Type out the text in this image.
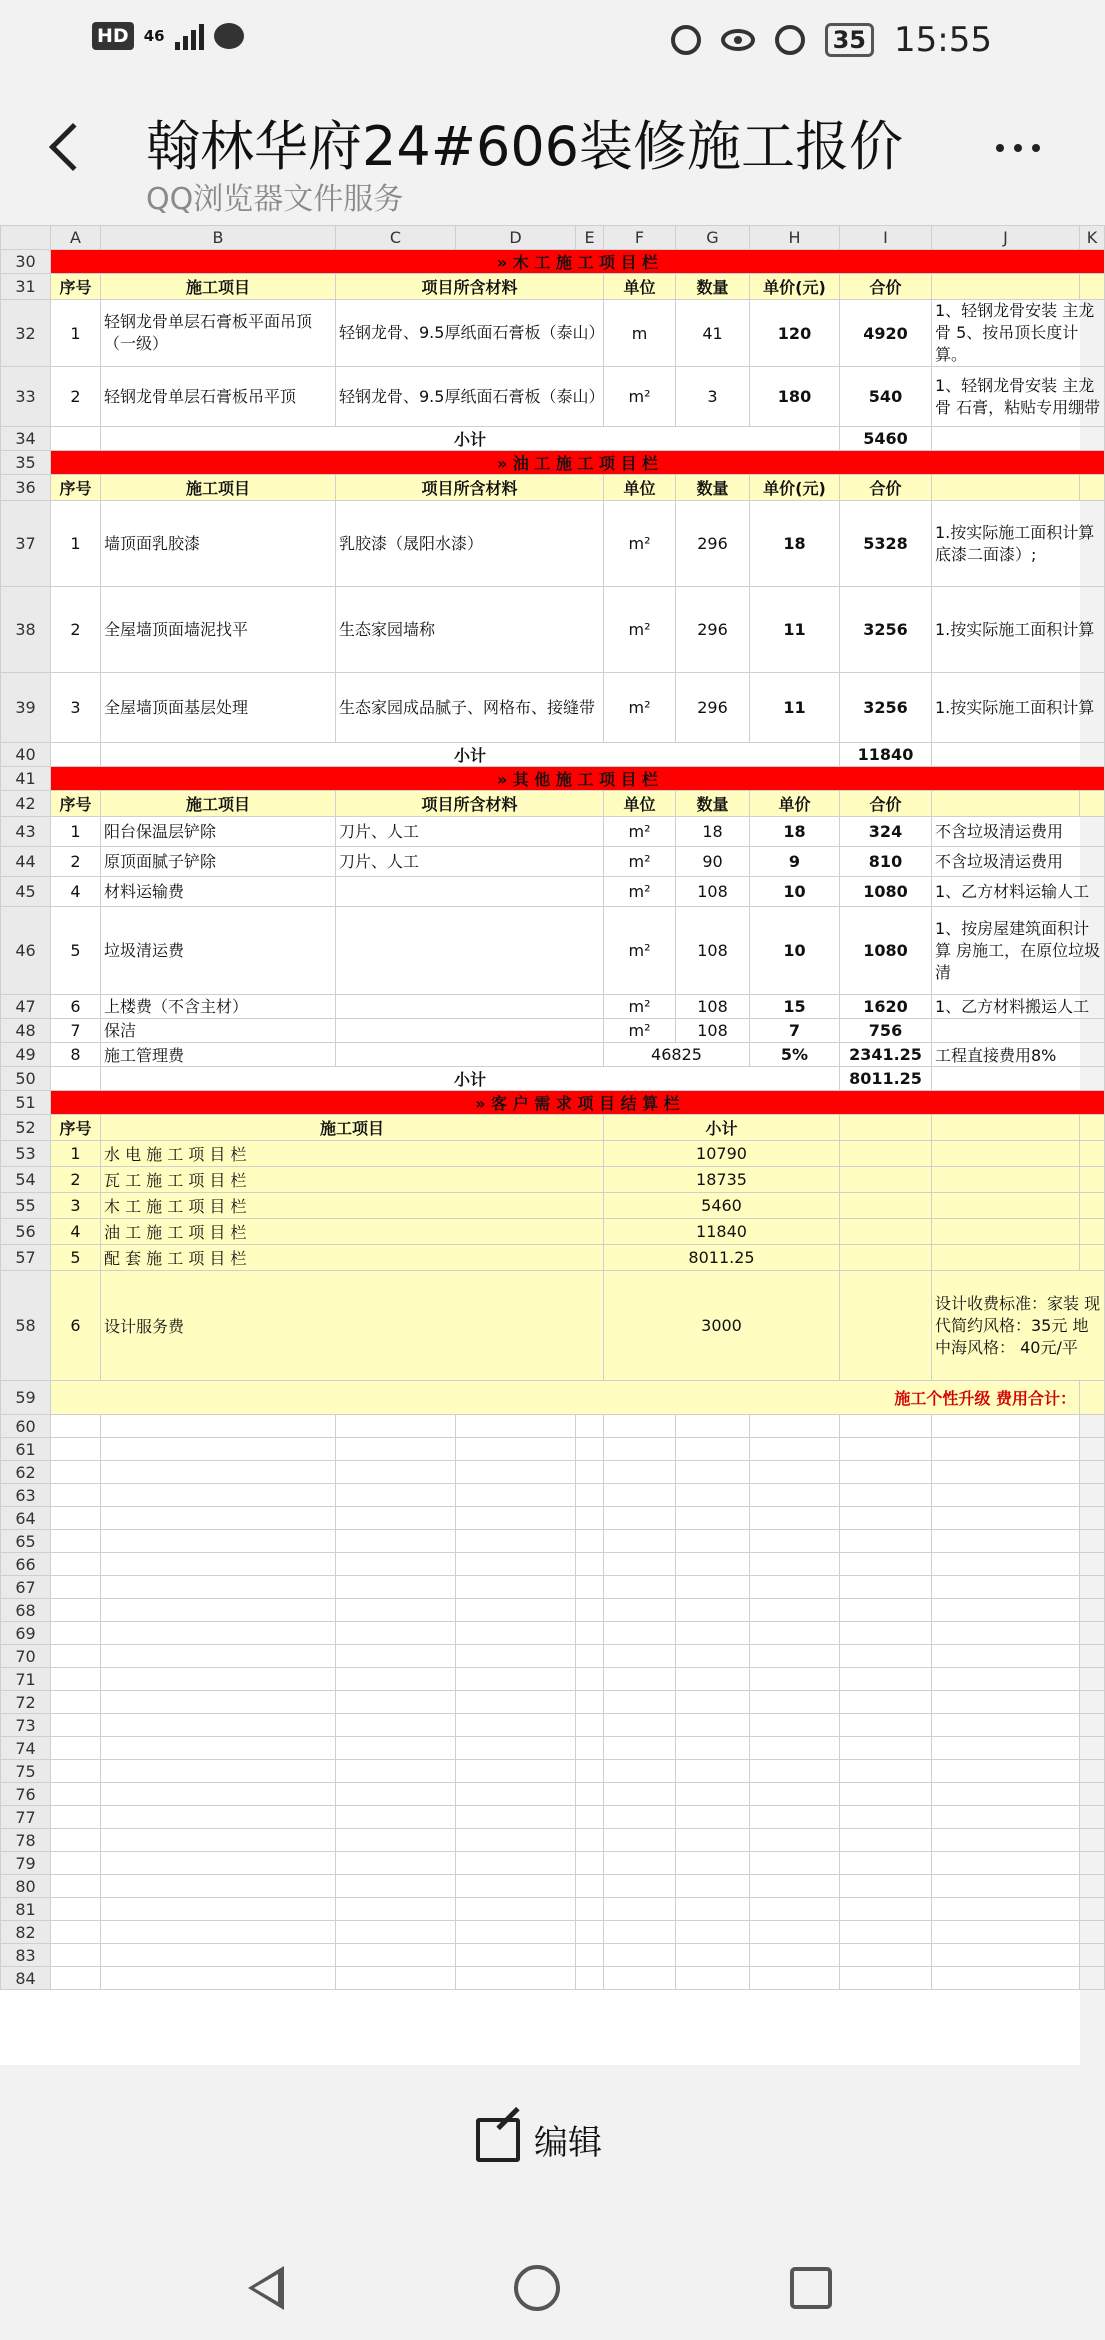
HD	46	35 15:55
翰林华府24#606装修施工报价
QQ浏览器文件服务
	A	B	C	D	E	F	G	H	I	J	K
30	» 木 工 施 工 项 目 栏										
31	序号	施工项目	项目所含材料			单位	数量	单价(元)	合价		
32	1	轻钢龙骨单层石膏板平面吊顶（一级）	轻钢龙骨、9.5厚纸面石膏板（泰山）			m	41	120	4920	1、轻钢龙骨安装 主龙骨 5、按吊顶长度计算。	
33	2	轻钢龙骨单层石膏板吊平顶	轻钢龙骨、9.5厚纸面石膏板（泰山）			m²	3	180	540	1、轻钢龙骨安装 主龙骨 石膏，粘贴专用绷带	
34		小计							5460		
35	» 油 工 施 工 项 目 栏										
36	序号	施工项目	项目所含材料			单位	数量	单价(元)	合价		
37	1	墙顶面乳胶漆	乳胶漆（晟阳水漆）			m²	296	18	5328	1.按实际施工面积计算 底漆二面漆）;	
38	2	全屋墙顶面墙泥找平	生态家园墙称			m²	296	11	3256	1.按实际施工面积计算	
39	3	全屋墙顶面基层处理	生态家园成品腻子、网格布、接缝带			m²	296	11	3256	1.按实际施工面积计算	
40		小计							11840		
41	» 其 他 施 工 项 目 栏										
42	序号	施工项目	项目所含材料			单位	数量	单价	合价		
43	1	阳台保温层铲除	刀片、人工			m²	18	18	324	不含垃圾清运费用	
44	2	原顶面腻子铲除	刀片、人工			m²	90	9	810	不含垃圾清运费用	
45	4	材料运输费				m²	108	10	1080	1、乙方材料运输人工	
46	5	垃圾清运费				m²	108	10	1080	1、按房屋建筑面积计算 房施工，在原位垃圾清	
47	6	上楼费（不含主材）				m²	108	15	1620	1、乙方材料搬运人工	
48	7	保洁				m²	108	7	756		
49	8	施工管理费				46825		5%	2341.25	工程直接费用8%	
50		小计							8011.25		
51	» 客 户 需 求 项 目 结 算 栏										
52	序号	施工项目				小计					
53	1	水 电 施 工 项 目 栏				10790					
54	2	瓦 工 施 工 项 目 栏				18735					
55	3	木 工 施 工 项 目 栏				5460					
56	4	油 工 施 工 项 目 栏				11840					
57	5	配 套 施 工 项 目 栏				8011.25					
58	6	设计服务费				3000				设计收费标准：家装 现代简约风格：35元 地中海风格： 40元/平	
59	施工个性升级 费用合计：										
60											
61											
62											
63											
64											
65											
66											
67											
68											
69											
70											
71											
72											
73											
74											
75											
76											
77											
78											
79											
80											
81											
82											
83											
84											
编辑
